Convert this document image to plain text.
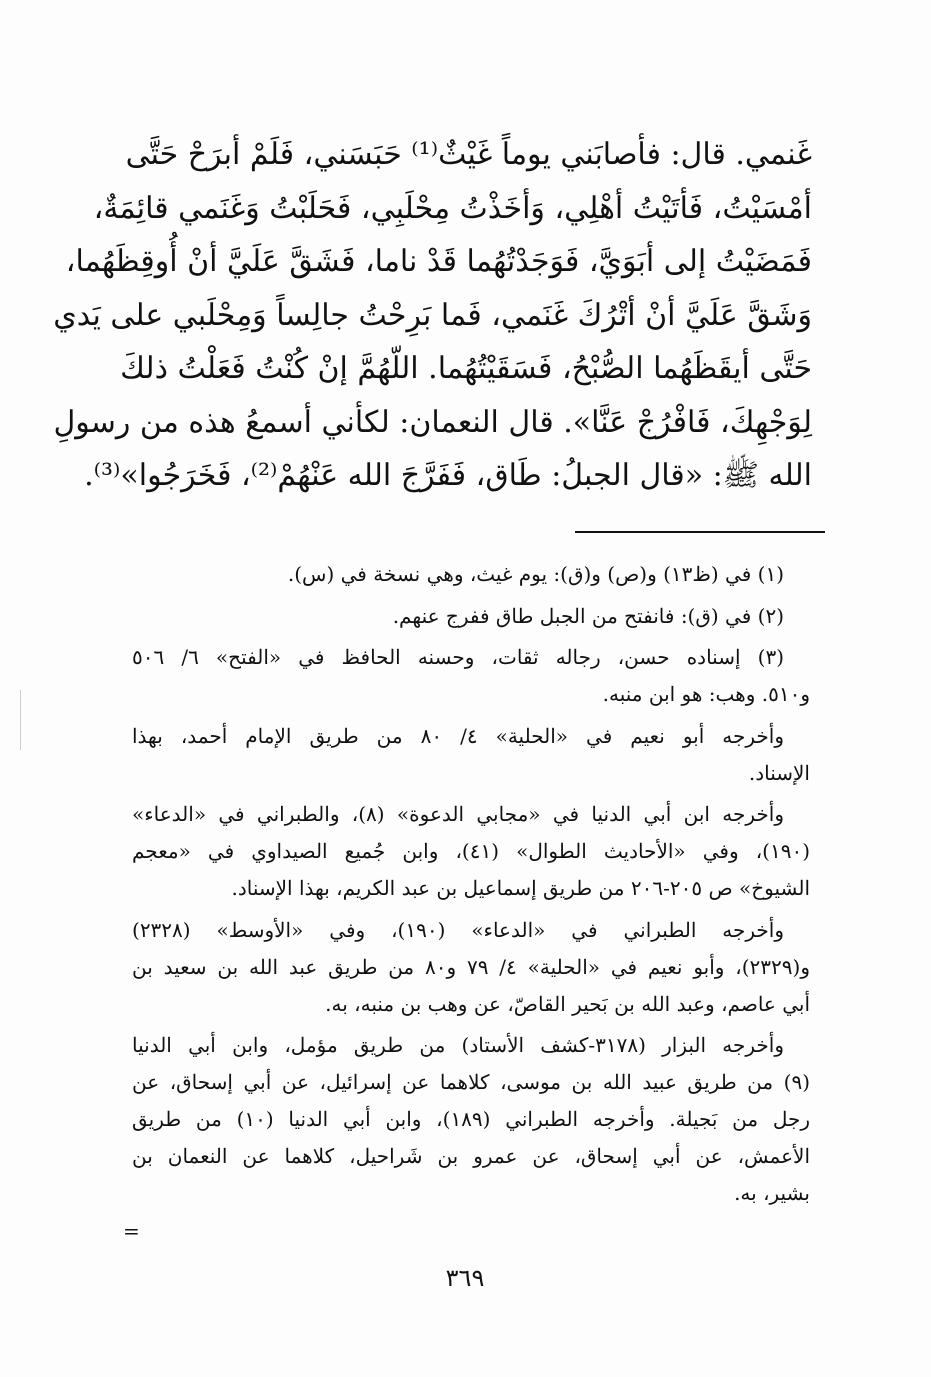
غَنمي. قال: فأصابَني يوماً غَيْثٌ⁽¹⁾ حَبَسَني، فَلَمْ أبرَحْ حَتَّى
أمْسَيْتُ، فَأتَيْتُ أهْلِي، وَأخَذْتُ مِحْلَبِي، فَحَلَبْتُ وَغَنَمي قائِمَةٌ،
فَمَضَيْتُ إلى أبَوَيَّ، فَوَجَدْتُهُما قَدْ ناما، فَشَقَّ عَلَيَّ أنْ أُوقِظَهُما،
وَشَقَّ عَلَيَّ أنْ أتْرُكَ غَنَمي، فَما بَرِحْتُ جالِساً وَمِحْلَبي على يَدي
حَتَّى أيقَظَهُما الصُّبْحُ، فَسَقَيْتُهُما. اللّهُمَّ إنْ كُنْتُ فَعَلْتُ ذلكَ
لِوَجْهِكَ، فَافْرُجْ عَنَّا». قال النعمان: لكأني أسمعُ هذه من رسولِ
الله ﷺ: «قال الجبلُ: طَاق، فَفَرَّجَ الله عَنْهُمْ⁽²⁾، فَخَرَجُوا»⁽³⁾.

(١) في (ظ١٣) و(ص) و(ق): يوم غيث، وهي نسخة في (س).

(٢) في (ق): فانفتح من الجبل طاق ففرج عنهم.

(٣) إسناده حسن، رجاله ثقات، وحسنه الحافظ في «الفتح» ٦/ ٥٠٦
و٥١٠. وهب: هو ابن منبه.

وأخرجه أبو نعيم في «الحلية» ٤/ ٨٠ من طريق الإمام أحمد، بهذا
الإسناد.

وأخرجه ابن أبي الدنيا في «مجابي الدعوة» (٨)، والطبراني في «الدعاء»
(١٩٠)، وفي «الأحاديث الطوال» (٤١)، وابن جُميع الصيداوي في «معجم
الشيوخ» ص ٢٠٥-٢٠٦ من طريق إسماعيل بن عبد الكريم، بهذا الإسناد.

وأخرجه الطبراني في «الدعاء» (١٩٠)، وفي «الأوسط» (٢٣٢٨)
و(٢٣٢٩)، وأبو نعيم في «الحلية» ٤/ ٧٩ و٨٠ من طريق عبد الله بن سعيد بن
أبي عاصم، وعبد الله بن بَحير القاصّ، عن وهب بن منبه، به.

وأخرجه البزار (٣١٧٨-كشف الأستاد) من طريق مؤمل، وابن أبي الدنيا
(٩) من طريق عبيد الله بن موسى، كلاهما عن إسرائيل، عن أبي إسحاق، عن
رجل من بَجيلة. وأخرجه الطبراني (١٨٩)، وابن أبي الدنيا (١٠) من طريق
الأعمش، عن أبي إسحاق، عن عمرو بن شَراحيل، كلاهما عن النعمان بن
بشير، به.

=
٣٦٩
